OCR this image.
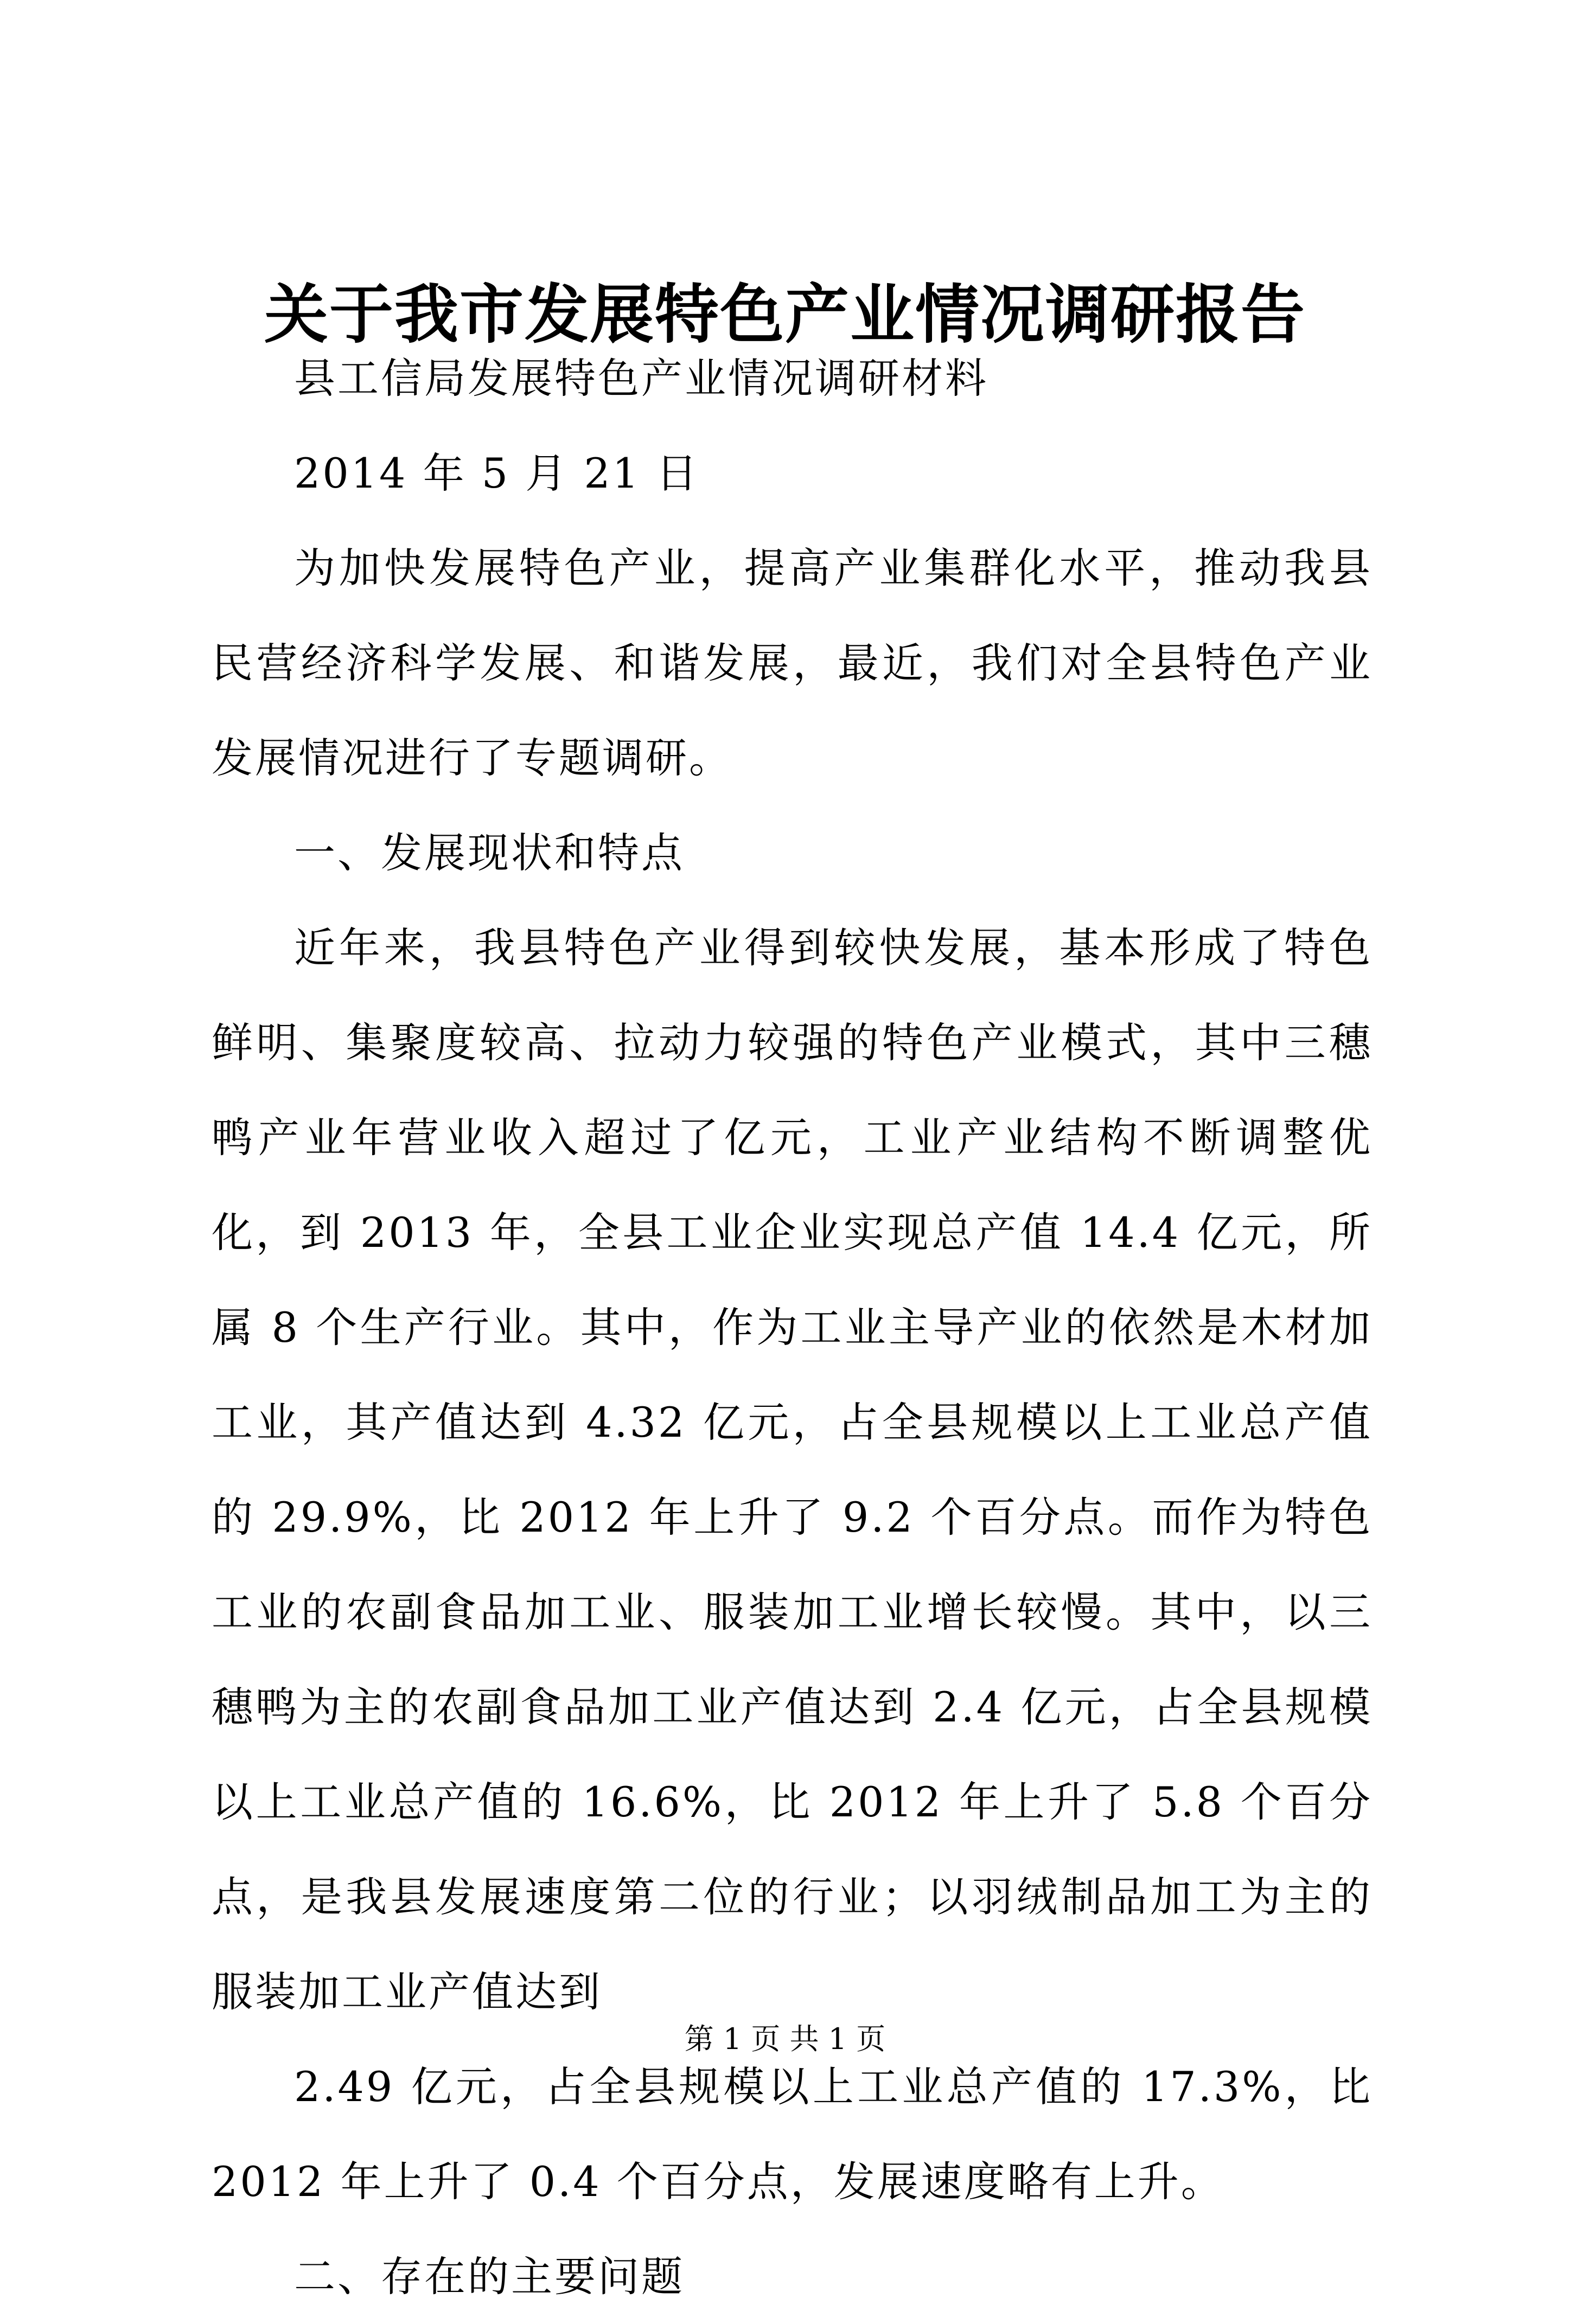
关于我市发展特色产业情况调研报告

县工信局发展特色产业情况调研材料

2014 年 5 月 21 日

为加快发展特色产业，提高产业集群化水平，推动我县民营经济科学发展、和谐发展，最近，我们对全县特色产业发展情况进行了专题调研。

一、发展现状和特点

近年来，我县特色产业得到较快发展，基本形成了特色鲜明、集聚度较高、拉动力较强的特色产业模式，其中三穗鸭产业年营业收入超过了亿元，工业产业结构不断调整优化，到 2013 年，全县工业企业实现总产值 14.4 亿元，所属 8 个生产行业。其中，作为工业主导产业的依然是木材加工业，其产值达到 4.32 亿元，占全县规模以上工业总产值的 29.9%，比 2012 年上升了 9.2 个百分点。而作为特色工业的农副食品加工业、服装加工业增长较慢。其中，以三穗鸭为主的农副食品加工业产值达到 2.4 亿元，占全县规模以上工业总产值的 16.6%，比 2012 年上升了 5.8 个百分点，是我县发展速度第二位的行业；以羽绒制品加工为主的服装加工业产值达到

2.49 亿元，占全县规模以上工业总产值的 17.3%，比 2012 年上升了 0.4 个百分点，发展速度略有上升。

二、存在的主要问题

第 1 页 共 1 页
